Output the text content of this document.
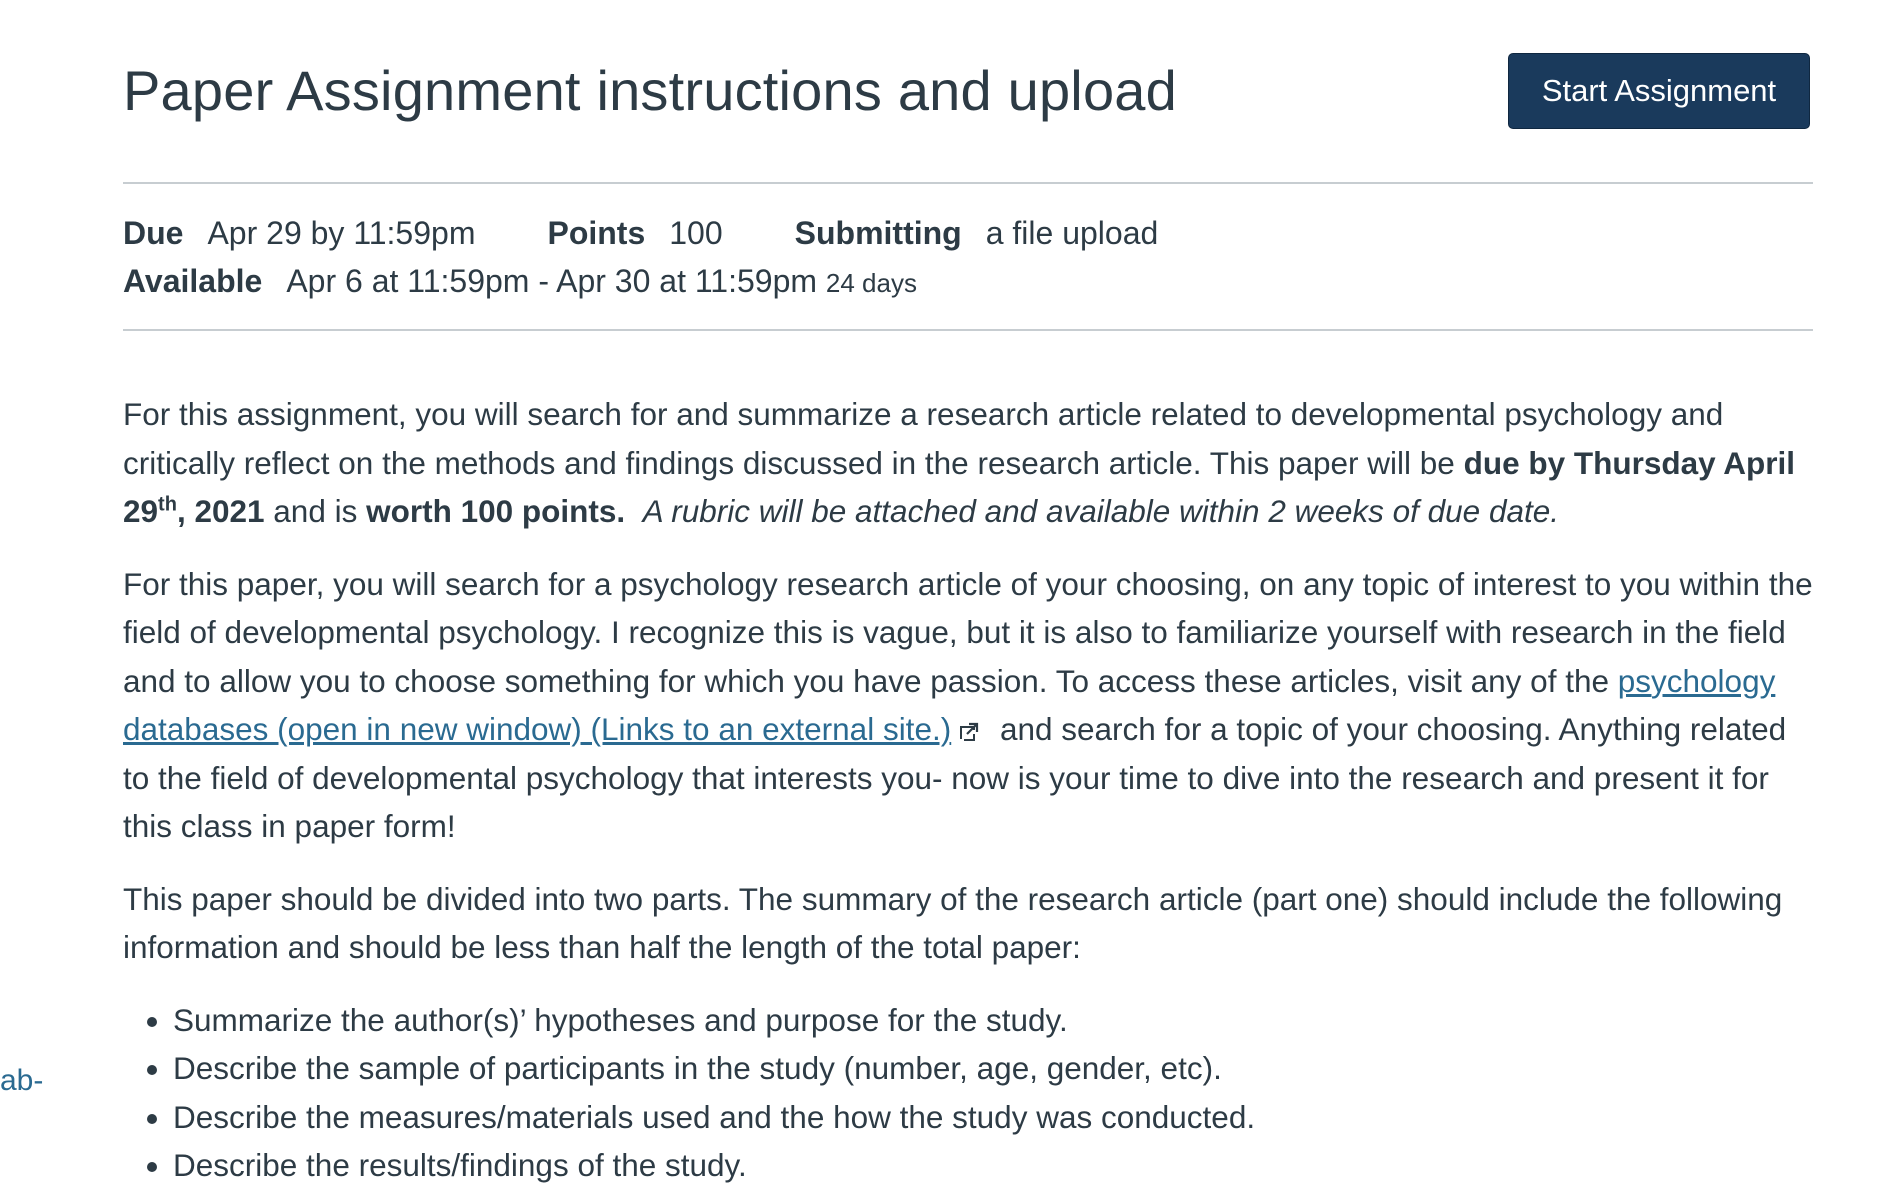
ab-
Paper Assignment instructions and upload	Start Assignment
Due Apr 29 by 11:59pm Points 100 Submitting a file upload
Available Apr 6 at 11:59pm - Apr 30 at 11:59pm 24 days

For this assignment, you will search for and summarize a research article related to developmental psychology and critically reflect on the methods and findings discussed in the research article. This paper will be due by Thursday April 29th, 2021 and is worth 100 points. A rubric will be attached and available within 2 weeks of due date.

For this paper, you will search for a psychology research article of your choosing, on any topic of interest to you within the field of developmental psychology. I recognize this is vague, but it is also to familiarize yourself with research in the field and to allow you to choose something for which you have passion. To access these articles, visit any of the psychology databases (open in new window) (Links to an external site.) and search for a topic of your choosing. Anything related to the field of developmental psychology that interests you- now is your time to dive into the research and present it for this class in paper form!

This paper should be divided into two parts. The summary of the research article (part one) should include the following information and should be less than half the length of the total paper:

• Summarize the author(s)’ hypotheses and purpose for the study.
• Describe the sample of participants in the study (number, age, gender, etc).
• Describe the measures/materials used and the how the study was conducted.
• Describe the results/findings of the study.
